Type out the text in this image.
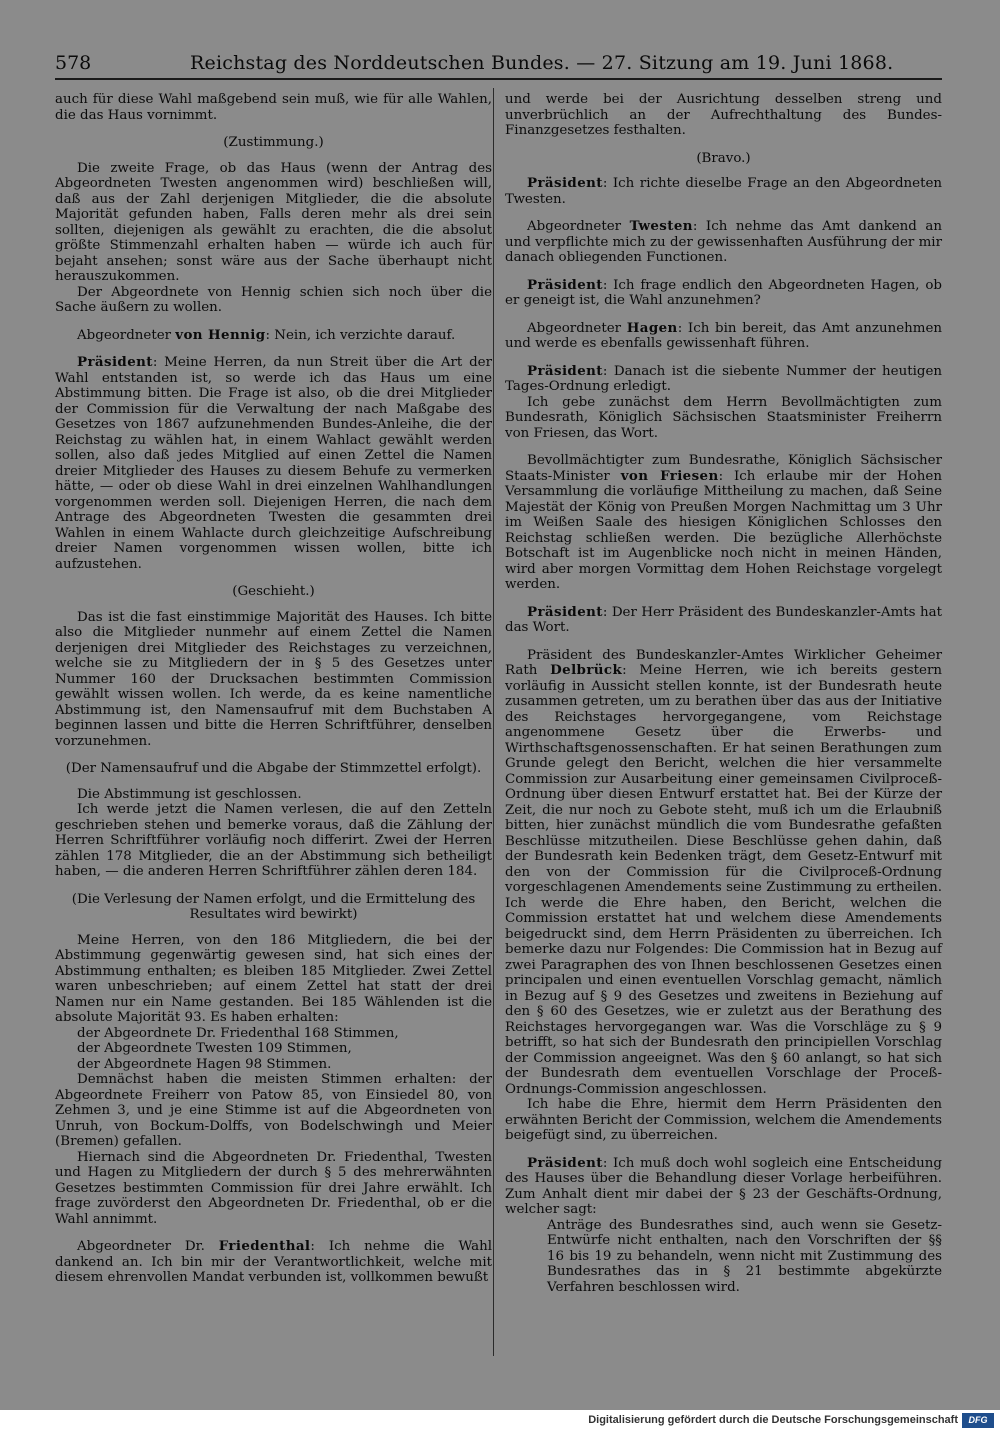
578	Reichstag des Norddeutschen Bundes. — 27. Sitzung am 19. Juni 1868.

auch für diese Wahl maßgebend sein muß, wie für alle Wahlen, die das Haus vornimmt.

(Zustimmung.)

Die zweite Frage, ob das Haus (wenn der Antrag des Abgeordneten Twesten angenommen wird) beschließen will, daß aus der Zahl derjenigen Mitglieder, die die absolute Majorität gefunden haben, Falls deren mehr als drei sein sollten, diejenigen als gewählt zu erachten, die die absolut größte Stimmenzahl erhalten haben — würde ich auch für bejaht ansehen; sonst wäre aus der Sache überhaupt nicht herauszukommen.

Der Abgeordnete von Hennig schien sich noch über die Sache äußern zu wollen.

Abgeordneter von Hennig: Nein, ich verzichte darauf.

Präsident: Meine Herren, da nun Streit über die Art der Wahl entstanden ist, so werde ich das Haus um eine Abstimmung bitten. Die Frage ist also, ob die drei Mitglieder der Commission für die Verwaltung der nach Maßgabe des Gesetzes von 1867 aufzunehmenden Bundes-Anleihe, die der Reichstag zu wählen hat, in einem Wahlact gewählt werden sollen, also daß jedes Mitglied auf einen Zettel die Namen dreier Mitglieder des Hauses zu diesem Behufe zu vermerken hätte, — oder ob diese Wahl in drei einzelnen Wahlhandlungen vorgenommen werden soll. Diejenigen Herren, die nach dem Antrage des Abgeordneten Twesten die gesammten drei Wahlen in einem Wahlacte durch gleichzeitige Aufschreibung dreier Namen vorgenommen wissen wollen, bitte ich aufzustehen.

(Geschieht.)

Das ist die fast einstimmige Majorität des Hauses. Ich bitte also die Mitglieder nunmehr auf einem Zettel die Namen derjenigen drei Mitglieder des Reichstages zu verzeichnen, welche sie zu Mitgliedern der in § 5 des Gesetzes unter Nummer 160 der Drucksachen bestimmten Commission gewählt wissen wollen. Ich werde, da es keine namentliche Abstimmung ist, den Namensaufruf mit dem Buchstaben A beginnen lassen und bitte die Herren Schriftführer, denselben vorzunehmen.

(Der Namensaufruf und die Abgabe der Stimmzettel erfolgt).

Die Abstimmung ist geschlossen.

Ich werde jetzt die Namen verlesen, die auf den Zetteln geschrieben stehen und bemerke voraus, daß die Zählung der Herren Schriftführer vorläufig noch differirt. Zwei der Herren zählen 178 Mitglieder, die an der Abstimmung sich betheiligt haben, — die anderen Herren Schriftführer zählen deren 184.

(Die Verlesung der Namen erfolgt, und die Ermittelung des Resultates wird bewirkt)

Meine Herren, von den 186 Mitgliedern, die bei der Abstimmung gegenwärtig gewesen sind, hat sich eines der Abstimmung enthalten; es bleiben 185 Mitglieder. Zwei Zettel waren unbeschrieben; auf einem Zettel hat statt der drei Namen nur ein Name gestanden. Bei 185 Wählenden ist die absolute Majorität 93. Es haben erhalten:

der Abgeordnete Dr. Friedenthal 168 Stimmen,
der Abgeordnete Twesten 109 Stimmen,
der Abgeordnete Hagen 98 Stimmen.

Demnächst haben die meisten Stimmen erhalten: der Abgeordnete Freiherr von Patow 85, von Einsiedel 80, von Zehmen 3, und je eine Stimme ist auf die Abgeordneten von Unruh, von Bockum-Dolffs, von Bodelschwingh und Meier (Bremen) gefallen.

Hiernach sind die Abgeordneten Dr. Friedenthal, Twesten und Hagen zu Mitgliedern der durch § 5 des mehrerwähnten Gesetzes bestimmten Commission für drei Jahre erwählt. Ich frage zuvörderst den Abgeordneten Dr. Friedenthal, ob er die Wahl annimmt.

Abgeordneter Dr. Friedenthal: Ich nehme die Wahl dankend an. Ich bin mir der Verantwortlichkeit, welche mit diesem ehrenvollen Mandat verbunden ist, vollkommen bewußt

und werde bei der Ausrichtung desselben streng und unverbrüchlich an der Aufrechthaltung des Bundes-Finanzgesetzes festhalten.

(Bravo.)

Präsident: Ich richte dieselbe Frage an den Abgeordneten Twesten.

Abgeordneter Twesten: Ich nehme das Amt dankend an und verpflichte mich zu der gewissenhaften Ausführung der mir danach obliegenden Functionen.

Präsident: Ich frage endlich den Abgeordneten Hagen, ob er geneigt ist, die Wahl anzunehmen?

Abgeordneter Hagen: Ich bin bereit, das Amt anzunehmen und werde es ebenfalls gewissenhaft führen.

Präsident: Danach ist die siebente Nummer der heutigen Tages-Ordnung erledigt.

Ich gebe zunächst dem Herrn Bevollmächtigten zum Bundesrath, Königlich Sächsischen Staatsminister Freiherrn von Friesen, das Wort.

Bevollmächtigter zum Bundesrathe, Königlich Sächsischer Staats-Minister von Friesen: Ich erlaube mir der Hohen Versammlung die vorläufige Mittheilung zu machen, daß Seine Majestät der König von Preußen Morgen Nachmittag um 3 Uhr im Weißen Saale des hiesigen Königlichen Schlosses den Reichstag schließen werden. Die bezügliche Allerhöchste Botschaft ist im Augenblicke noch nicht in meinen Händen, wird aber morgen Vormittag dem Hohen Reichstage vorgelegt werden.

Präsident: Der Herr Präsident des Bundeskanzler-Amts hat das Wort.

Präsident des Bundeskanzler-Amtes Wirklicher Geheimer Rath Delbrück: Meine Herren, wie ich bereits gestern vorläufig in Aussicht stellen konnte, ist der Bundesrath heute zusammen getreten, um zu berathen über das aus der Initiative des Reichstages hervorgegangene, vom Reichstage angenommene Gesetz über die Erwerbs- und Wirthschaftsgenossenschaften. Er hat seinen Berathungen zum Grunde gelegt den Bericht, welchen die hier versammelte Commission zur Ausarbeitung einer gemeinsamen Civilproceß-Ordnung über diesen Entwurf erstattet hat. Bei der Kürze der Zeit, die nur noch zu Gebote steht, muß ich um die Erlaubniß bitten, hier zunächst mündlich die vom Bundesrathe gefaßten Beschlüsse mitzutheilen. Diese Beschlüsse gehen dahin, daß der Bundesrath kein Bedenken trägt, dem Gesetz-Entwurf mit den von der Commission für die Civilproceß-Ordnung vorgeschlagenen Amendements seine Zustimmung zu ertheilen. Ich werde die Ehre haben, den Bericht, welchen die Commission erstattet hat und welchem diese Amendements beigedruckt sind, dem Herrn Präsidenten zu überreichen. Ich bemerke dazu nur Folgendes: Die Commission hat in Bezug auf zwei Paragraphen des von Ihnen beschlossenen Gesetzes einen principalen und einen eventuellen Vorschlag gemacht, nämlich in Bezug auf § 9 des Gesetzes und zweitens in Beziehung auf den § 60 des Gesetzes, wie er zuletzt aus der Berathung des Reichstages hervorgegangen war. Was die Vorschläge zu § 9 betrifft, so hat sich der Bundesrath den principiellen Vorschlag der Commission angeeignet. Was den § 60 anlangt, so hat sich der Bundesrath dem eventuellen Vorschlage der Proceß-Ordnungs-Commission angeschlossen.

Ich habe die Ehre, hiermit dem Herrn Präsidenten den erwähnten Bericht der Commission, welchem die Amendements beigefügt sind, zu überreichen.

Präsident: Ich muß doch wohl sogleich eine Entscheidung des Hauses über die Behandlung dieser Vorlage herbeiführen. Zum Anhalt dient mir dabei der § 23 der Geschäfts-Ordnung, welcher sagt:

Anträge des Bundesrathes sind, auch wenn sie Gesetz-Entwürfe nicht enthalten, nach den Vorschriften der §§ 16 bis 19 zu behandeln, wenn nicht mit Zustimmung des Bundesrathes das in § 21 bestimmte abgekürzte Verfahren beschlossen wird.

Digitalisierung gefördert durch die Deutsche Forschungsgemeinschaft	DFG
